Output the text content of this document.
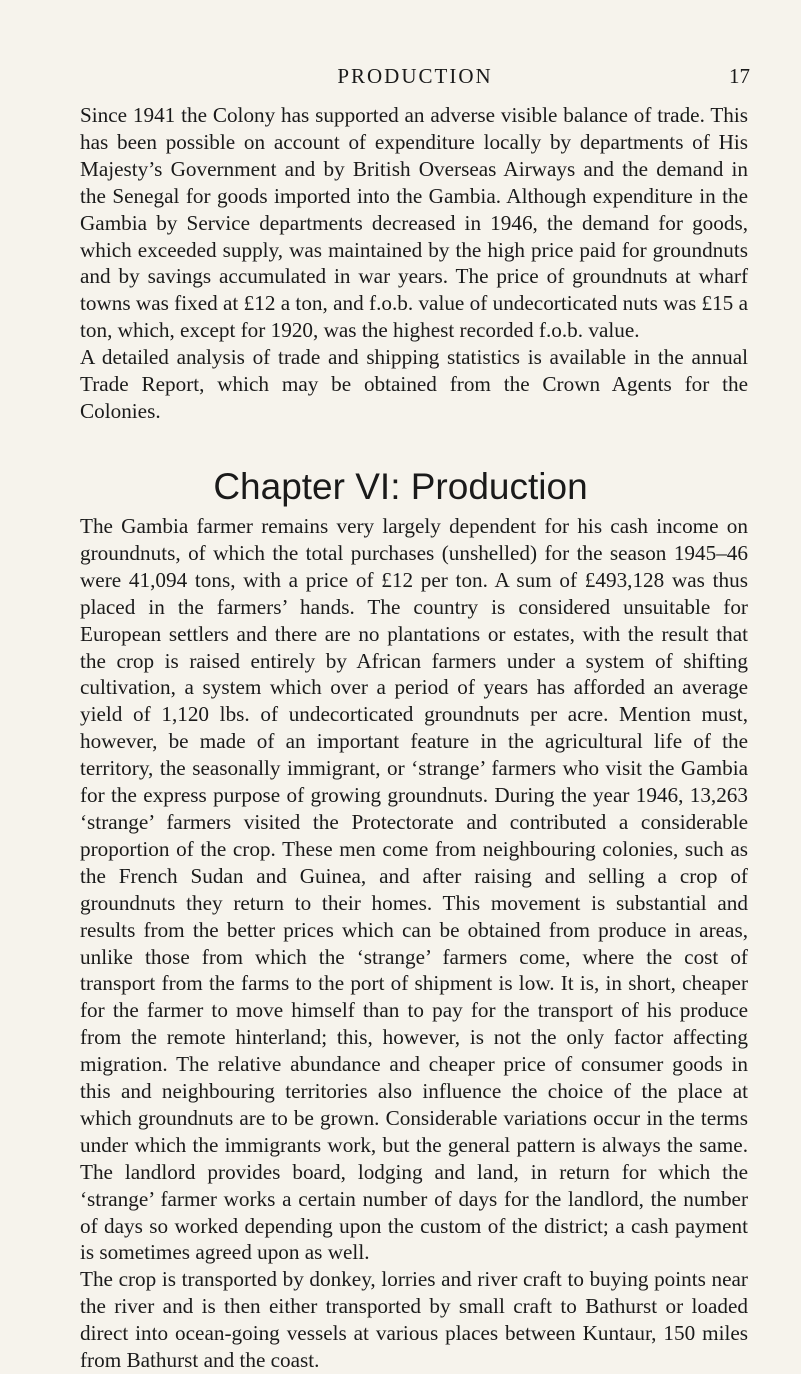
PRODUCTION	17

Since 1941 the Colony has supported an adverse visible balance of trade. This has been possible on account of expenditure locally by departments of His Majesty’s Government and by British Overseas Airways and the demand in the Senegal for goods imported into the Gambia. Although expenditure in the Gambia by Service departments decreased in 1946, the demand for goods, which exceeded supply, was maintained by the high price paid for groundnuts and by savings accumulated in war years. The price of groundnuts at wharf towns was fixed at £12 a ton, and f.o.b. value of undecorticated nuts was £15 a ton, which, except for 1920, was the highest recorded f.o.b. value.

A detailed analysis of trade and shipping statistics is available in the annual Trade Report, which may be obtained from the Crown Agents for the Colonies.

Chapter VI: Production

The Gambia farmer remains very largely dependent for his cash income on groundnuts, of which the total purchases (unshelled) for the season 1945–46 were 41,094 tons, with a price of £12 per ton. A sum of £493,128 was thus placed in the farmers’ hands. The country is considered unsuitable for European settlers and there are no plantations or estates, with the result that the crop is raised entirely by African farmers under a system of shifting cultivation, a system which over a period of years has afforded an average yield of 1,120 lbs. of undecorticated groundnuts per acre. Mention must, however, be made of an important feature in the agricultural life of the territory, the seasonally immigrant, or ‘strange’ farmers who visit the Gambia for the express purpose of growing groundnuts. During the year 1946, 13,263 ‘strange’ farmers visited the Protectorate and contributed a considerable proportion of the crop. These men come from neighbouring colonies, such as the French Sudan and Guinea, and after raising and selling a crop of groundnuts they return to their homes. This movement is substantial and results from the better prices which can be obtained from produce in areas, unlike those from which the ‘strange’ farmers come, where the cost of transport from the farms to the port of shipment is low. It is, in short, cheaper for the farmer to move himself than to pay for the transport of his produce from the remote hinterland; this, however, is not the only factor affecting migration. The relative abundance and cheaper price of consumer goods in this and neighbouring territories also influence the choice of the place at which groundnuts are to be grown. Considerable variations occur in the terms under which the immigrants work, but the general pattern is always the same. The landlord provides board, lodging and land, in return for which the ‘strange’ farmer works a certain number of days for the landlord, the number of days so worked depending upon the custom of the district; a cash payment is sometimes agreed upon as well.

The crop is transported by donkey, lorries and river craft to buying points near the river and is then either transported by small craft to Bathurst or loaded direct into ocean-going vessels at various places between Kuntaur, 150 miles from Bathurst and the coast.
